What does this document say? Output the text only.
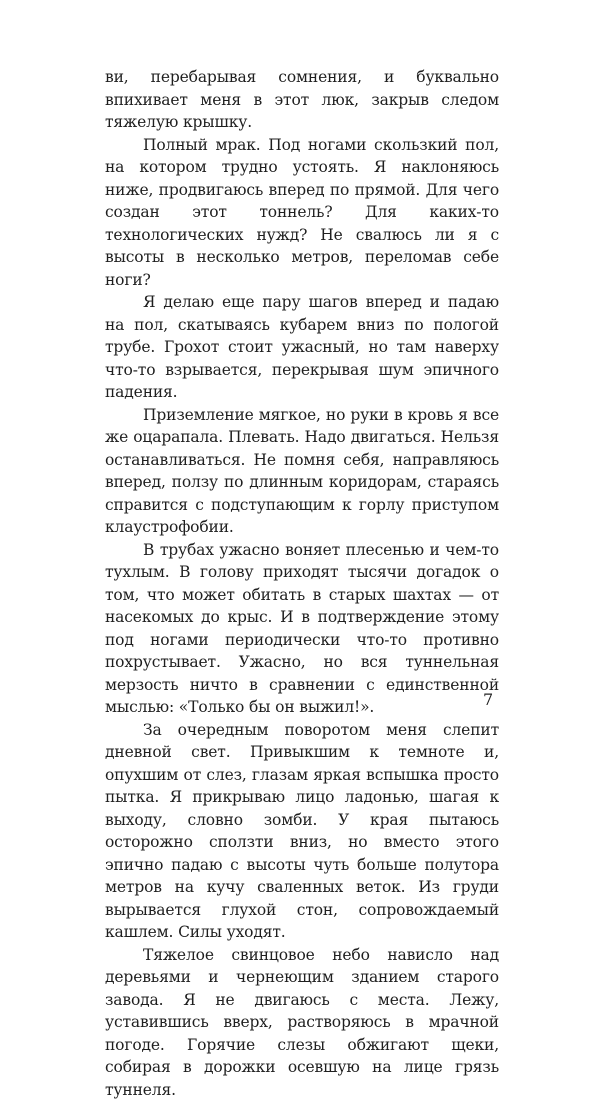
ви, перебарывая сомнения, и буквально впихивает меня в этот люк, закрыв следом тяжелую крышку.

Полный мрак. Под ногами скользкий пол, на котором трудно устоять. Я наклоняюсь ниже, продвигаюсь вперед по прямой. Для чего создан этот тоннель? Для каких-то технологических нужд? Не свалюсь ли я с высоты в несколько метров, переломав себе ноги?

Я делаю еще пару шагов вперед и падаю на пол, скатываясь кубарем вниз по пологой трубе. Грохот стоит ужасный, но там наверху что-то взрывается, перекрывая шум эпичного падения.

Приземление мягкое, но руки в кровь я все же оцарапала. Плевать. Надо двигаться. Нельзя останавливаться. Не помня себя, направляюсь вперед, ползу по длинным коридорам, стараясь справится с подступающим к горлу приступом клаустрофобии.

В трубах ужасно воняет плесенью и чем-то тухлым. В голову приходят тысячи догадок о том, что может обитать в старых шахтах — от насекомых до крыс. И в подтверждение этому под ногами периодически что-то противно похрустывает. Ужасно, но вся туннельная мерзость ничто в сравнении с единственной мыслью: «Только бы он выжил!».

За очередным поворотом меня слепит дневной свет. Привыкшим к темноте и, опухшим от слез, глазам яркая вспышка просто пытка. Я прикрываю лицо ладонью, шагая к выходу, словно зомби. У края пытаюсь осторожно сползти вниз, но вместо этого эпично падаю с высоты чуть больше полутора метров на кучу сваленных веток. Из груди вырывается глухой стон, сопровождаемый кашлем. Силы уходят.

Тяжелое свинцовое небо нависло над деревьями и чернеющим зданием старого завода. Я не двигаюсь с места. Лежу, уставившись вверх, растворяюсь в мрачной погоде. Горячие слезы обжигают щеки, собирая в дорожки осевшую на лице грязь туннеля.

7
